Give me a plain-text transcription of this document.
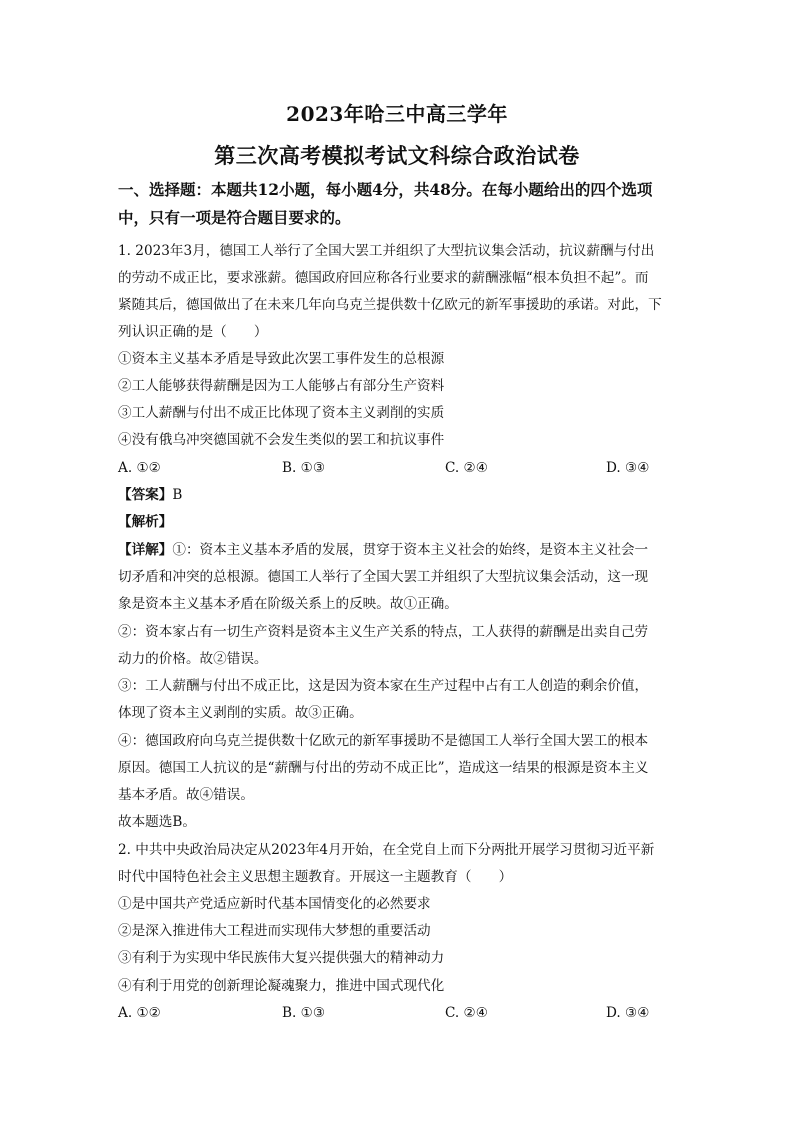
2023年哈三中高三学年
第三次高考模拟考试文科综合政治试卷
一、选择题：本题共12小题，每小题4分，共48分。在每小题给出的四个选项中，只有一项是符合题目要求的。
1. 2023年3月，德国工人举行了全国大罢工并组织了大型抗议集会活动，抗议薪酬与付出
的劳动不成正比，要求涨薪。德国政府回应称各行业要求的薪酬涨幅“根本负担不起”。而
紧随其后，德国做出了在未来几年向乌克兰提供数十亿欧元的新军事援助的承诺。对此，下
列认识正确的是（　　）
①资本主义基本矛盾是导致此次罢工事件发生的总根源
②工人能够获得薪酬是因为工人能够占有部分生产资料
③工人薪酬与付出不成正比体现了资本主义剥削的实质
④没有俄乌冲突德国就不会发生类似的罢工和抗议事件
A. ①②	B. ①③	C. ②④	D. ③④
【答案】B
【解析】
【详解】①：资本主义基本矛盾的发展，贯穿于资本主义社会的始终，是资本主义社会一
切矛盾和冲突的总根源。德国工人举行了全国大罢工并组织了大型抗议集会活动，这一现
象是资本主义基本矛盾在阶级关系上的反映。故①正确。
②：资本家占有一切生产资料是资本主义生产关系的特点，工人获得的薪酬是出卖自己劳
动力的价格。故②错误。
③：工人薪酬与付出不成正比，这是因为资本家在生产过程中占有工人创造的剩余价值，
体现了资本主义剥削的实质。故③正确。
④：德国政府向乌克兰提供数十亿欧元的新军事援助不是德国工人举行全国大罢工的根本
原因。德国工人抗议的是“薪酬与付出的劳动不成正比”，造成这一结果的根源是资本主义
基本矛盾。故④错误。
故本题选B。
2. 中共中央政治局决定从2023年4月开始，在全党自上而下分两批开展学习贯彻习近平新
时代中国特色社会主义思想主题教育。开展这一主题教育（　　）
①是中国共产党适应新时代基本国情变化的必然要求
②是深入推进伟大工程进而实现伟大梦想的重要活动
③有利于为实现中华民族伟大复兴提供强大的精神动力
④有利于用党的创新理论凝魂聚力，推进中国式现代化
A. ①②	B. ①③	C. ②④	D. ③④
